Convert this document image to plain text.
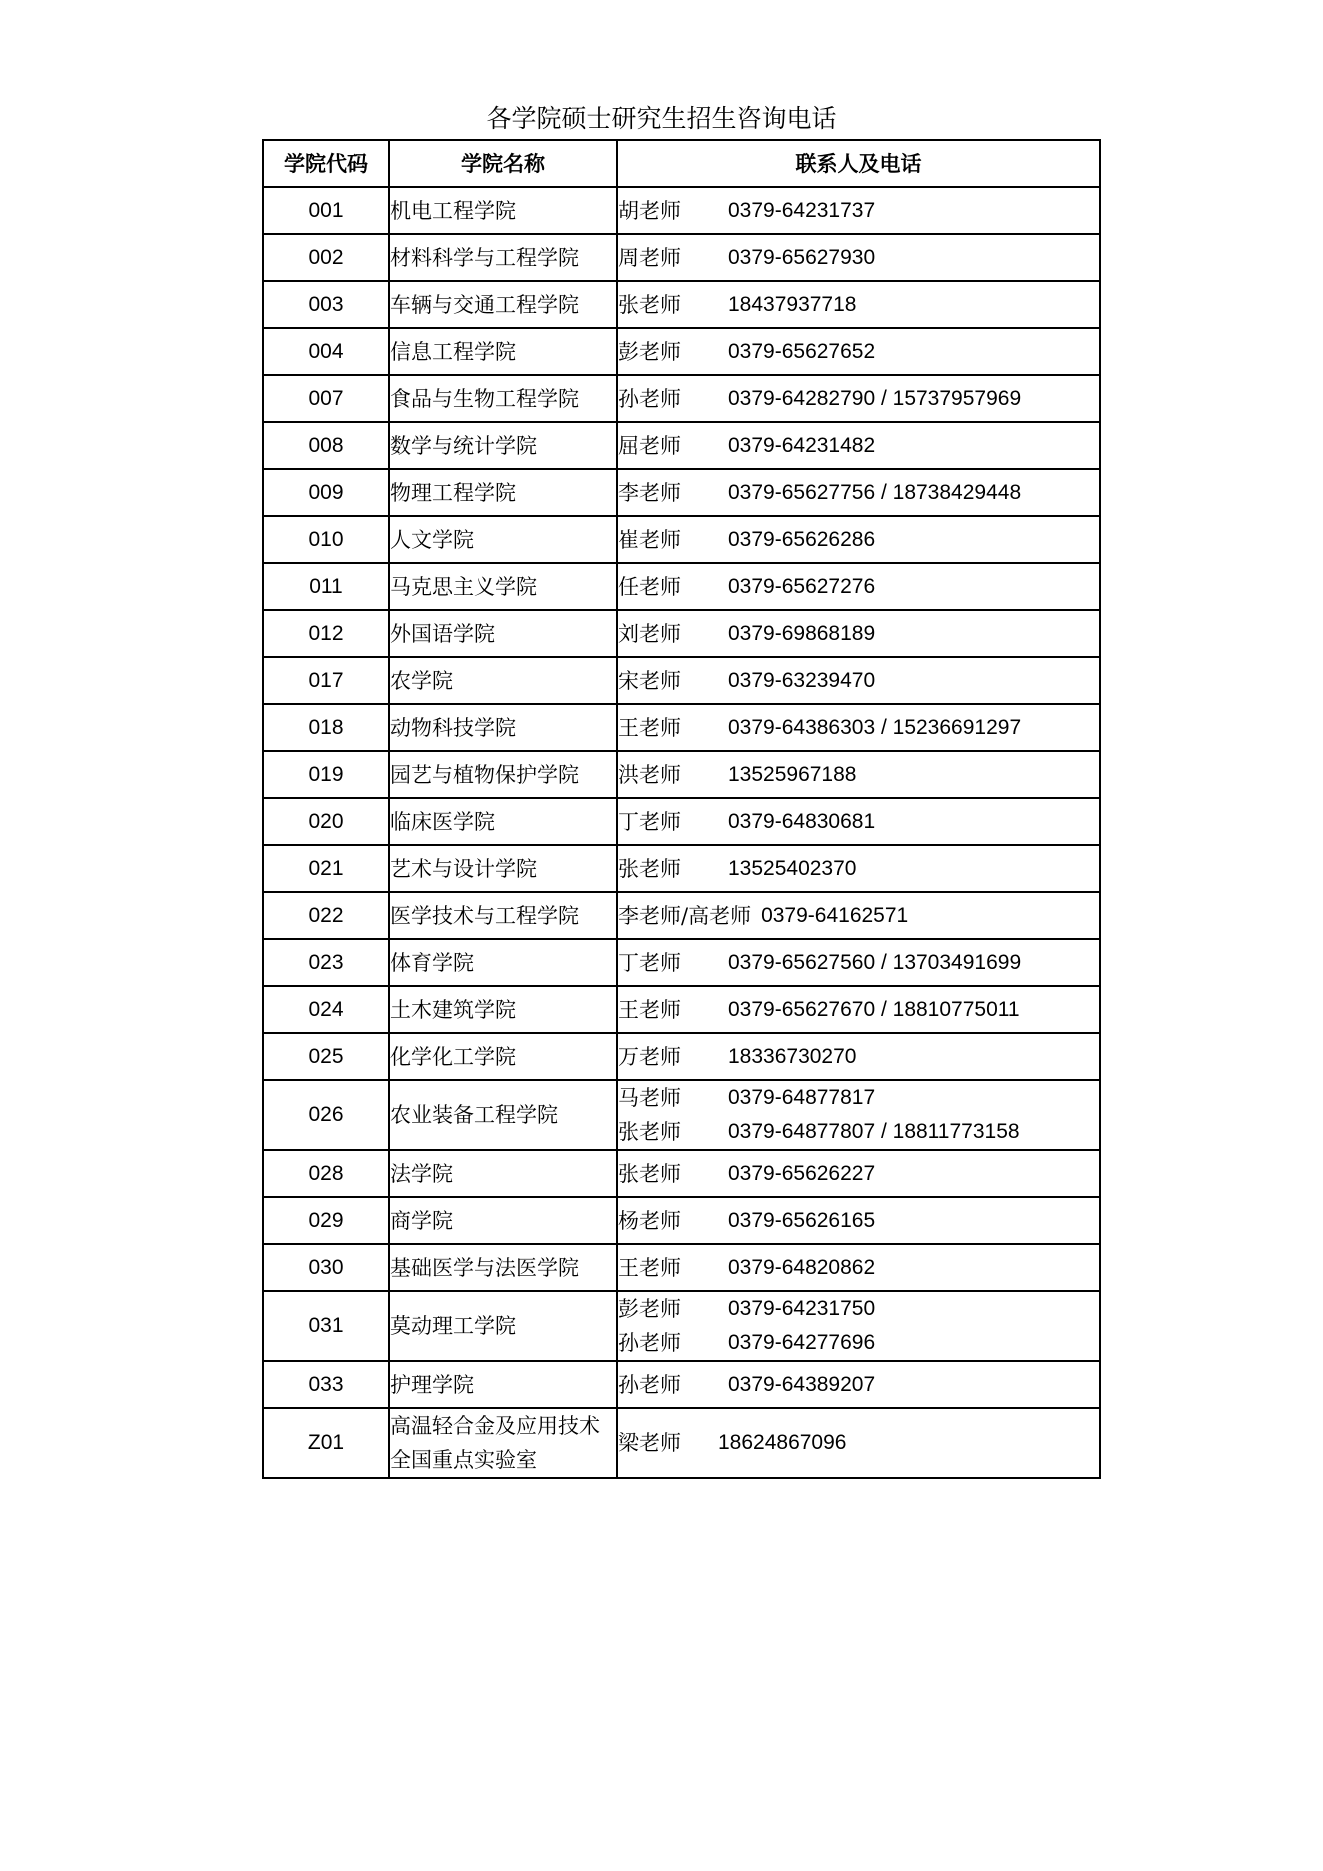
各学院硕士研究生招生咨询电话
学院代码	学院名称	联系人及电话
001	机电工程学院	胡老师 0379-64231737

002	材料科学与工程学院	周老师 0379-65627930

003	车辆与交通工程学院	张老师 18437937718

004	信息工程学院	彭老师 0379-65627652

007	食品与生物工程学院	孙老师 0379-64282790 / 15737957969

008	数学与统计学院	屈老师 0379-64231482

009	物理工程学院	李老师 0379-65627756 / 18738429448

010	人文学院	崔老师 0379-65626286

011	马克思主义学院	任老师 0379-65627276

012	外国语学院	刘老师 0379-69868189

017	农学院	宋老师 0379-63239470

018	动物科技学院	王老师 0379-64386303 / 15236691297

019	园艺与植物保护学院	洪老师 13525967188

020	临床医学院	丁老师 0379-64830681

021	艺术与设计学院	张老师 13525402370

022	医学技术与工程学院	李老师/高老师 0379-64162571

023	体育学院	丁老师 0379-65627560 / 13703491699

024	土木建筑学院	王老师 0379-65627670 / 18810775011

025	化学化工学院	万老师 18336730270

026	农业装备工程学院	马老师 0379-64877817
张老师 0379-64877807 / 18811773158

028	法学院	张老师 0379-65626227

029	商学院	杨老师 0379-65626165

030	基础医学与法医学院	王老师 0379-64820862

031	莫动理工学院	彭老师 0379-64231750
孙老师 0379-64277696

033	护理学院	孙老师 0379-64389207

Z01	高温轻合金及应用技术全国重点实验室	梁老师 18624867096
